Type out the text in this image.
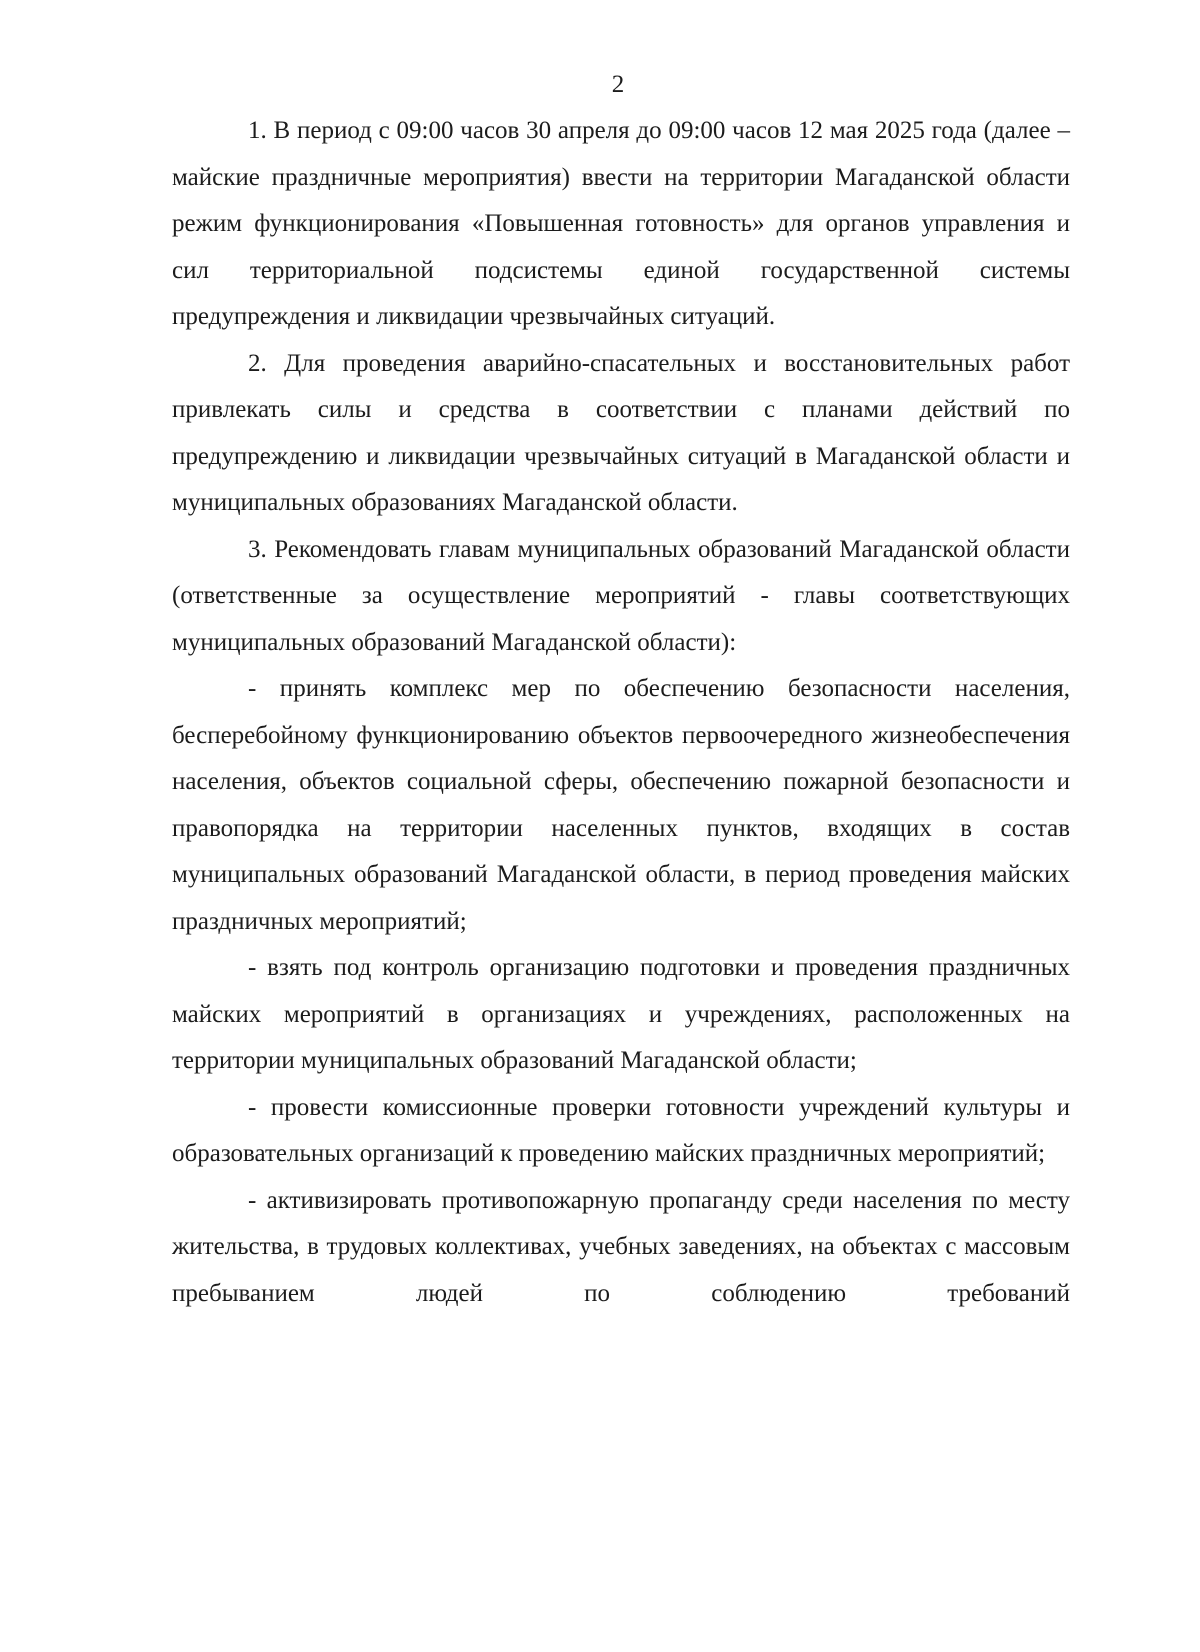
2

1. В период с 09:00 часов 30 апреля до 09:00 часов 12 мая 2025 года (далее – майские праздничные мероприятия) ввести на территории Магаданской области режим функционирования «Повышенная готовность» для органов управления и сил территориальной подсистемы единой государственной системы предупреждения и ликвидации чрезвычайных ситуаций.

2. Для проведения аварийно-спасательных и восстановительных работ привлекать силы и средства в соответствии с планами действий по предупреждению и ликвидации чрезвычайных ситуаций в Магаданской области и муниципальных образованиях Магаданской области.

3. Рекомендовать главам муниципальных образований Магаданской области (ответственные за осуществление мероприятий - главы соответствующих муниципальных образований Магаданской области):

- принять комплекс мер по обеспечению безопасности населения, бесперебойному функционированию объектов первоочередного жизнеобеспечения населения, объектов социальной сферы, обеспечению пожарной безопасности и правопорядка на территории населенных пунктов, входящих в состав муниципальных образований Магаданской области, в период проведения майских праздничных мероприятий;

- взять под контроль организацию подготовки и проведения праздничных майских мероприятий в организациях и учреждениях, расположенных на территории муниципальных образований Магаданской области;

- провести комиссионные проверки готовности учреждений культуры и образовательных организаций к проведению майских праздничных мероприятий;

- активизировать противопожарную пропаганду среди населения по месту жительства, в трудовых коллективах, учебных заведениях, на объектах с массовым пребыванием людей по соблюдению требований
